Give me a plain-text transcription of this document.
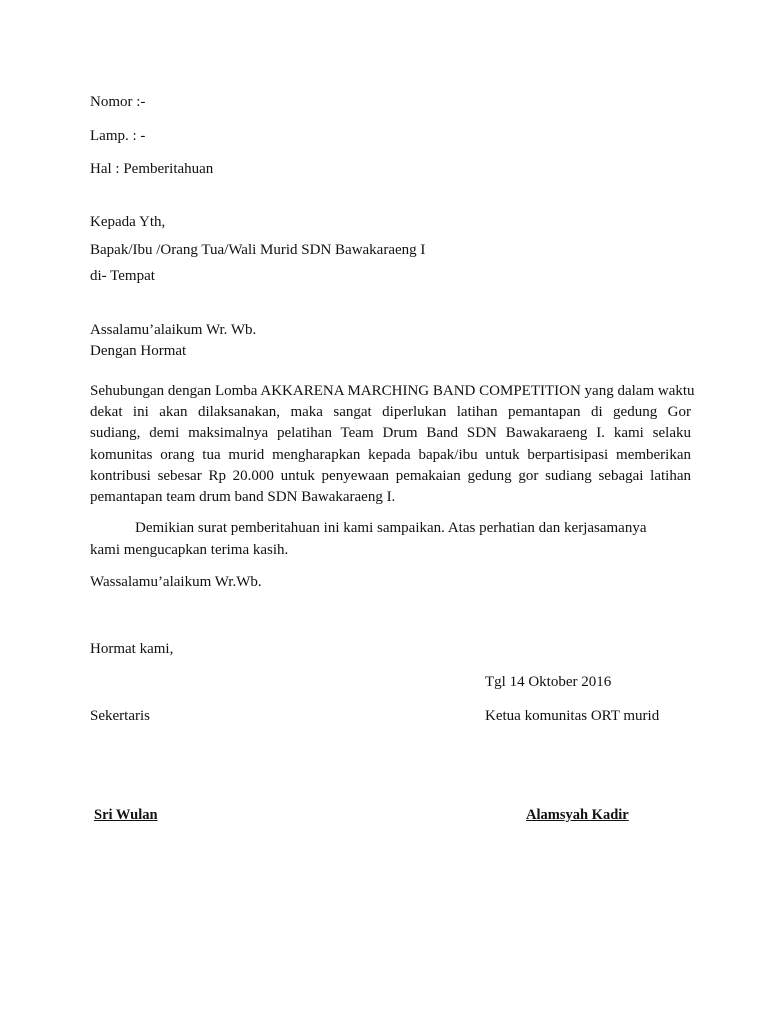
Nomor :-
Lamp. : -
Hal : Pemberitahuan
Kepada Yth,
Bapak/Ibu /Orang Tua/Wali Murid SDN Bawakaraeng I
di- Tempat
Assalamu’alaikum Wr. Wb.
Dengan Hormat
Sehubungan dengan Lomba AKKARENA MARCHING BAND COMPETITION yang dalam waktu
dekat ini akan dilaksanakan, maka sangat diperlukan latihan pemantapan di gedung Gor
sudiang, demi maksimalnya pelatihan Team Drum Band SDN Bawakaraeng I. kami selaku
komunitas orang tua murid mengharapkan kepada bapak/ibu untuk berpartisipasi memberikan
kontribusi sebesar Rp 20.000 untuk penyewaan pemakaian gedung gor sudiang sebagai latihan
pemantapan team drum band SDN Bawakaraeng I.
Demikian surat pemberitahuan ini kami sampaikan. Atas perhatian dan kerjasamanya
kami mengucapkan terima kasih.
Wassalamu’alaikum Wr.Wb.
Hormat kami,
Tgl 14 Oktober 2016
Sekertaris	Ketua komunitas ORT murid
Sri Wulan	Alamsyah Kadir
